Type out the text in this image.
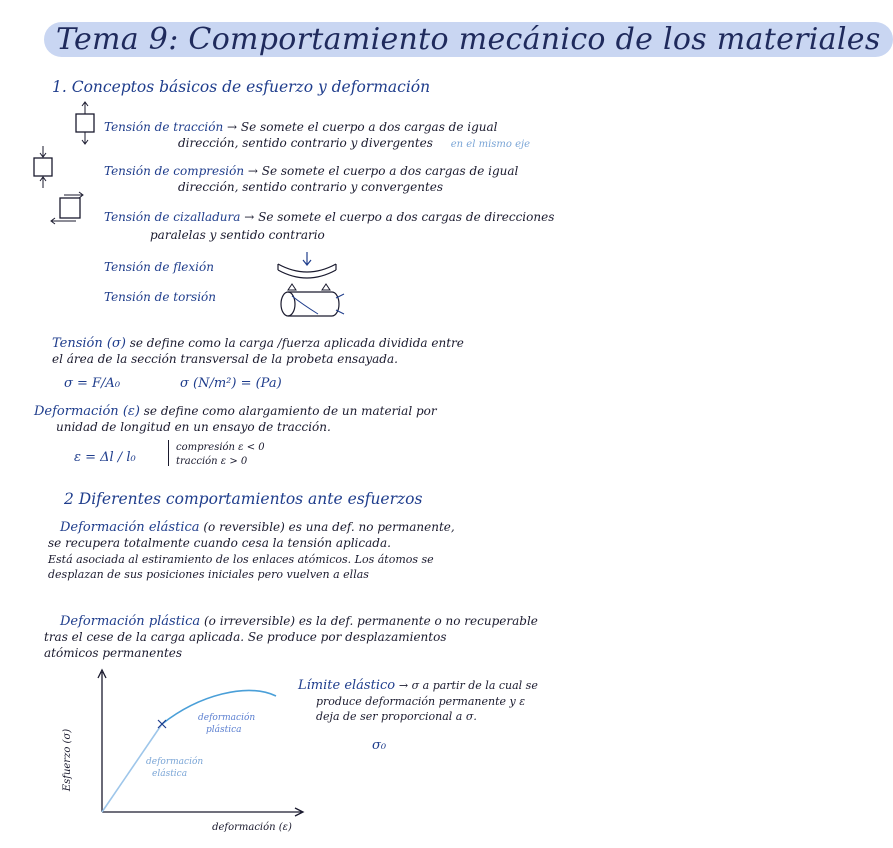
Tema 9: Comportamiento mecánico de los materiales
1. Conceptos básicos de esfuerzo y deformación
Tensión de tracción → Se somete el cuerpo a dos cargas de igual
dirección, sentido contrario y divergentes en el mismo eje
Tensión de compresión → Se somete el cuerpo a dos cargas de igual
dirección, sentido contrario y convergentes
Tensión de cizalladura → Se somete el cuerpo a dos cargas de direcciones
paralelas y sentido contrario
Tensión de flexión
Tensión de torsión
Tensión (σ) se define como la carga /fuerza aplicada dividida entre
el área de la sección transversal de la probeta ensayada.
σ = F/A₀	σ (N/m²) = (Pa)
Deformación (ε) se define como alargamiento de un material por
unidad de longitud en un ensayo de tracción.
ε = Δl / l₀
compresión ε < 0
tracción ε > 0
2 Diferentes comportamientos ante esfuerzos
Deformación elástica (o reversible) es una def. no permanente,
se recupera totalmente cuando cesa la tensión aplicada.
Está asociada al estiramiento de los enlaces atómicos. Los átomos se
desplazan de sus posiciones iniciales pero vuelven a ellas
Deformación plástica (o irreversible) es la def. permanente o no recuperable
tras el cese de la carga aplicada. Se produce por desplazamientos
atómicos permanentes
Límite elástico → σ a partir de la cual se
produce deformación permanente y ε
deja de ser proporcional a σ.
σ₀
Esfuerzo (σ)
deformación (ε)
deformación
plástica
deformación
elástica
